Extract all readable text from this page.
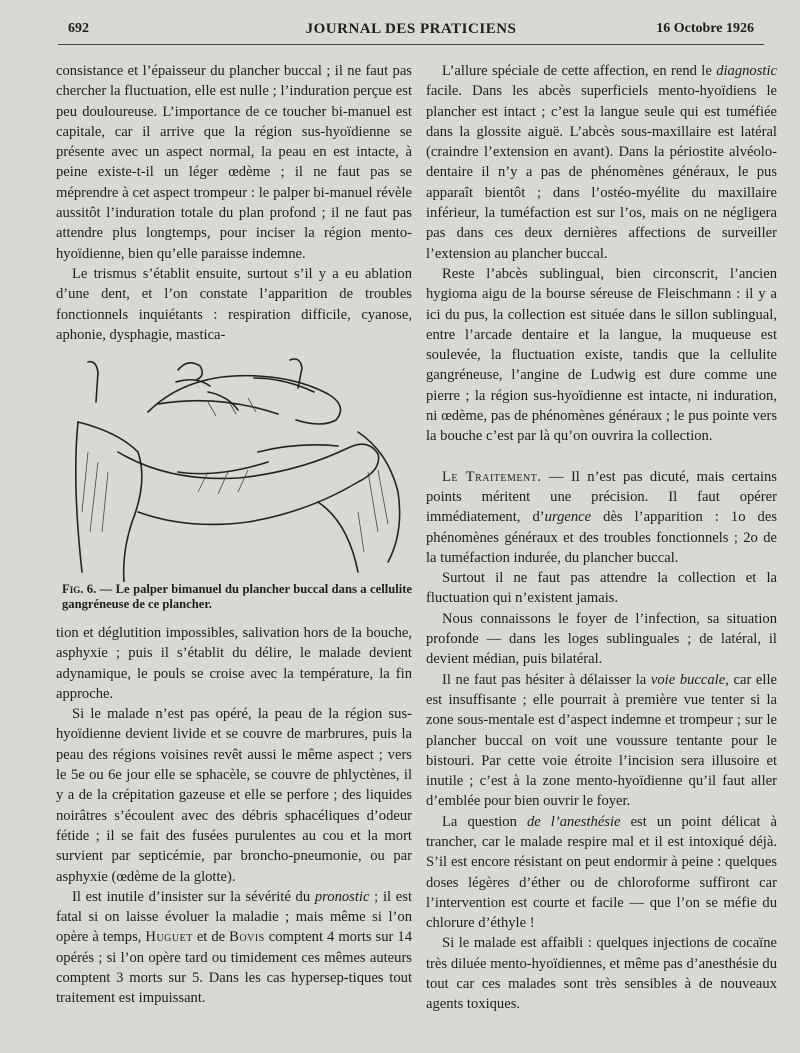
692	JOURNAL DES PRATICIENS	16 Octobre 1926

consistance et l’épaisseur du plancher buccal ; il ne faut pas chercher la fluctuation, elle est nulle ; l’induration perçue est peu douloureuse. L’importance de ce toucher bi-manuel est capitale, car il arrive que la région sus-hyoïdienne se présente avec un aspect normal, la peau en est intacte, à peine existe-t-il un léger œdème ; il ne faut pas se méprendre à cet aspect trompeur : le palper bi-manuel révèle aussitôt l’induration totale du plan profond ; il ne faut pas attendre plus longtemps, pour inciser la région mento-hyoïdienne, bien qu’elle paraisse indemne.

Le trismus s’établit ensuite, surtout s’il y a eu ablation d’une dent, et l’on constate l’apparition de troubles fonctionnels inquiétants : respiration difficile, cyanose, aphonie, dysphagie, mastica-

Fig. 6. — Le palper bimanuel du plancher buccal dans a cellulite gangréneuse de ce plancher.

tion et déglutition impossibles, salivation hors de la bouche, asphyxie ; puis il s’établit du délire, le malade devient adynamique, le pouls se croise avec la température, la fin approche.

Si le malade n’est pas opéré, la peau de la région sus-hyoïdienne devient livide et se couvre de marbrures, puis la peau des régions voisines revêt aussi le même aspect ; vers le 5e ou 6e jour elle se sphacèle, se couvre de phlyctènes, il y a de la crépitation gazeuse et elle se perfore ; des liquides noirâtres s’écoulent avec des débris sphacéliques d’odeur fétide ; il se fait des fusées purulentes au cou et la mort survient par septicémie, par broncho-pneumonie, ou par asphyxie (œdème de la glotte).

Il est inutile d’insister sur la sévérité du pronostic ; il est fatal si on laisse évoluer la maladie ; mais même si l’on opère à temps, Huguet et de Bovis comptent 4 morts sur 14 opérés ; si l’on opère tard ou timidement ces mêmes auteurs comptent 3 morts sur 5. Dans les cas hypersep-tiques tout traitement est impuissant.

L’allure spéciale de cette affection, en rend le diagnostic facile. Dans les abcès superficiels mento-hyoïdiens le plancher est intact ; c’est la langue seule qui est tuméfiée dans la glossite aiguë. L’abcès sous-maxillaire est latéral (craindre l’extension en avant). Dans la périostite alvéolo-dentaire il n’y a pas de phénomènes généraux, le pus apparaît bientôt ; dans l’ostéo-myélite du maxillaire inférieur, la tuméfaction est sur l’os, mais on ne négligera pas dans ces deux dernières affections de surveiller l’extension au plancher buccal.

Reste l’abcès sublingual, bien circonscrit, l’ancien hygioma aigu de la bourse séreuse de Fleischmann : il y a ici du pus, la collection est située dans le sillon sublingual, entre l’arcade dentaire et la langue, la muqueuse est soulevée, la fluctuation existe, tandis que la cellulite gangréneuse, l’angine de Ludwig est dure comme une pierre ; la région sus-hyoïdienne est intacte, ni induration, ni œdème, pas de phénomènes généraux ; le pus pointe vers la bouche c’est par là qu’on ouvrira la collection.

Le Traitement. — Il n’est pas dicuté, mais certains points méritent une précision. Il faut opérer immédiatement, d’urgence dès l’apparition : 1o des phénomènes généraux et des troubles fonctionnels ; 2o de la tuméfaction indurée, du plancher buccal.

Surtout il ne faut pas attendre la collection et la fluctuation qui n’existent jamais.

Nous connaissons le foyer de l’infection, sa situation profonde — dans les loges sublinguales ; de latéral, il devient médian, puis bilatéral.

Il ne faut pas hésiter à délaisser la voie buccale, car elle est insuffisante ; elle pourrait à première vue tenter si la zone sous-mentale est d’aspect indemne et trompeur ; sur le plancher buccal on voit une voussure tentante pour le bistouri. Par cette voie étroite l’incision sera illusoire et inutile ; c’est à la zone mento-hyoïdienne qu’il faut aller d’emblée pour bien ouvrir le foyer.

La question de l’anesthésie est un point délicat à trancher, car le malade respire mal et il est intoxiqué déjà. S’il est encore résistant on peut endormir à peine : quelques doses légères d’éther ou de chloroforme suffiront car l’intervention est courte et facile — que l’on se méfie du chlorure d’éthyle !

Si le malade est affaibli : quelques injections de cocaïne très diluée mento-hyoïdiennes, et même pas d’anesthésie du tout car ces malades sont très sensibles à de nouveaux agents toxiques.
